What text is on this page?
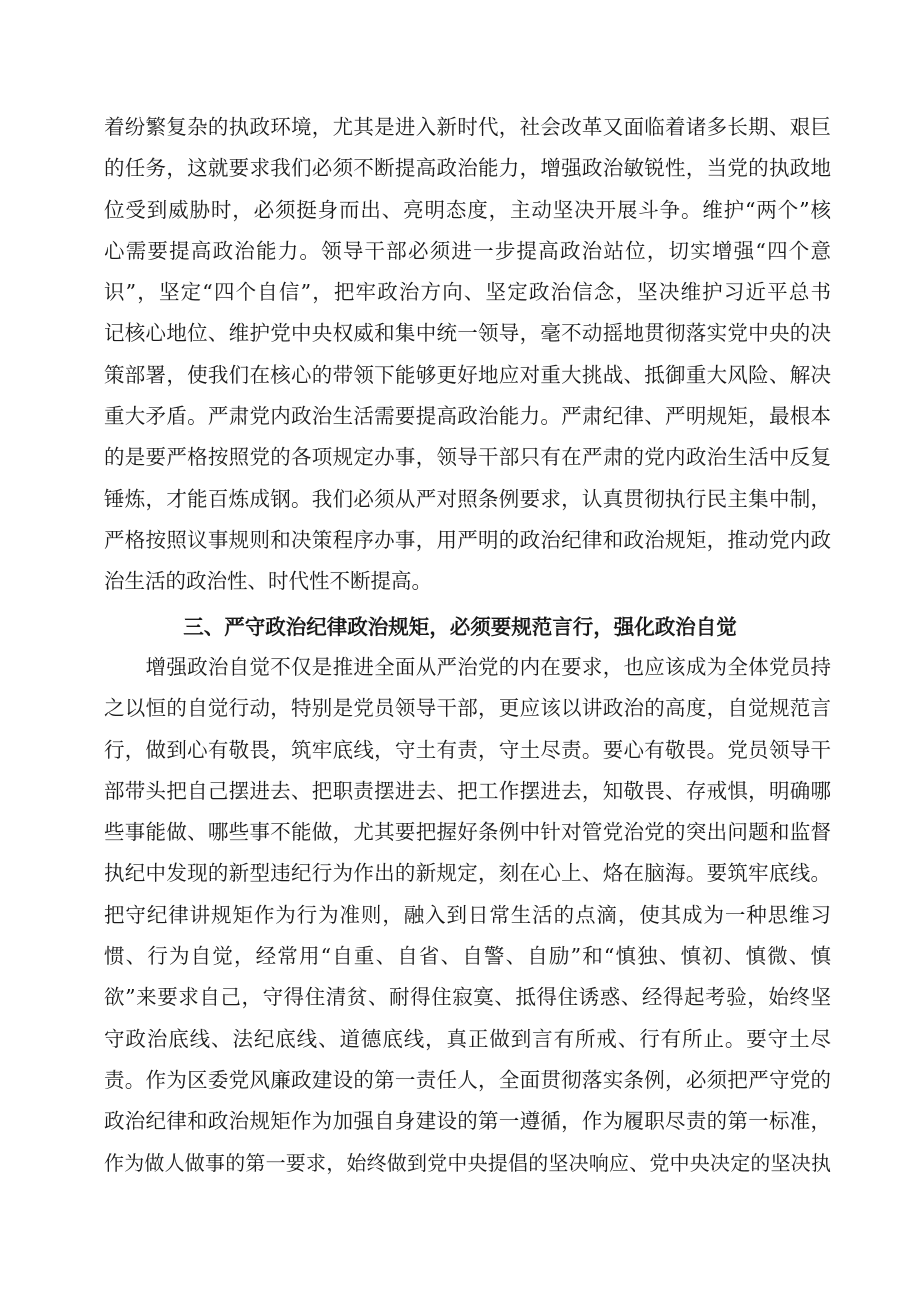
着纷繁复杂的执政环境，尤其是进入新时代，社会改革又面临着诸多长期、艰巨
的任务，这就要求我们必须不断提高政治能力，增强政治敏锐性，当党的执政地
位受到威胁时，必须挺身而出、亮明态度，主动坚决开展斗争。维护“两个”核
心需要提高政治能力。领导干部必须进一步提高政治站位，切实增强“四个意
识”，坚定“四个自信”，把牢政治方向、坚定政治信念，坚决维护习近平总书
记核心地位、维护党中央权威和集中统一领导，毫不动摇地贯彻落实党中央的决
策部署，使我们在核心的带领下能够更好地应对重大挑战、抵御重大风险、解决
重大矛盾。严肃党内政治生活需要提高政治能力。严肃纪律、严明规矩，最根本
的是要严格按照党的各项规定办事，领导干部只有在严肃的党内政治生活中反复
锤炼，才能百炼成钢。我们必须从严对照条例要求，认真贯彻执行民主集中制，
严格按照议事规则和决策程序办事，用严明的政治纪律和政治规矩，推动党内政
治生活的政治性、时代性不断提高。
三、严守政治纪律政治规矩，必须要规范言行，强化政治自觉
　　增强政治自觉不仅是推进全面从严治党的内在要求，也应该成为全体党员持
之以恒的自觉行动，特别是党员领导干部，更应该以讲政治的高度，自觉规范言
行，做到心有敬畏，筑牢底线，守土有责，守土尽责。要心有敬畏。党员领导干
部带头把自己摆进去、把职责摆进去、把工作摆进去，知敬畏、存戒惧，明确哪
些事能做、哪些事不能做，尤其要把握好条例中针对管党治党的突出问题和监督
执纪中发现的新型违纪行为作出的新规定，刻在心上、烙在脑海。要筑牢底线。
把守纪律讲规矩作为行为准则，融入到日常生活的点滴，使其成为一种思维习
惯、行为自觉，经常用“自重、自省、自警、自励”和“慎独、慎初、慎微、慎
欲”来要求自己，守得住清贫、耐得住寂寞、抵得住诱惑、经得起考验，始终坚
守政治底线、法纪底线、道德底线，真正做到言有所戒、行有所止。要守土尽
责。作为区委党风廉政建设的第一责任人，全面贯彻落实条例，必须把严守党的
政治纪律和政治规矩作为加强自身建设的第一遵循，作为履职尽责的第一标准，
作为做人做事的第一要求，始终做到党中央提倡的坚决响应、党中央决定的坚决执
